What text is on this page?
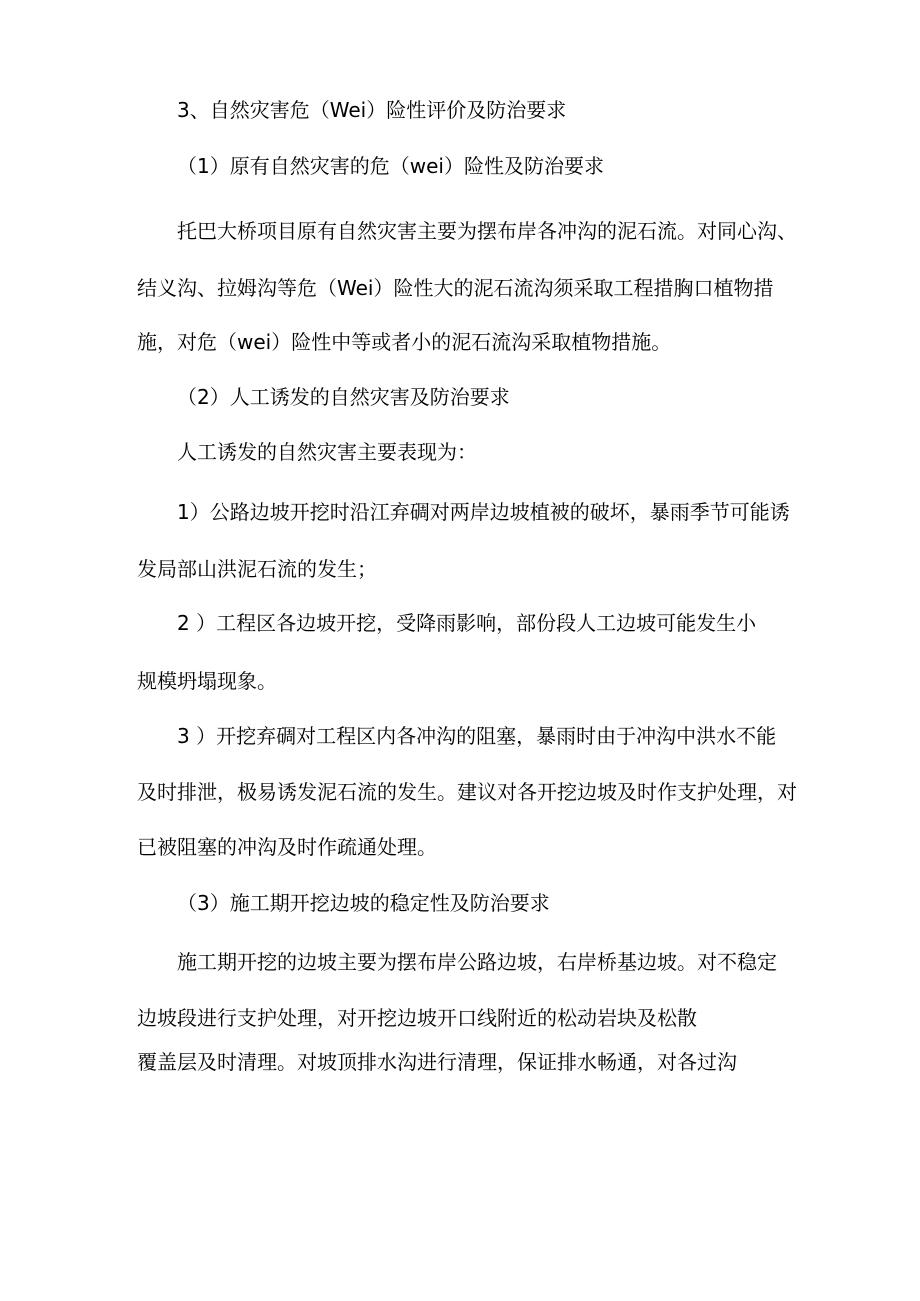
3、自然灾害危（Wei）险性评价及防治要求

（1）原有自然灾害的危（wei）险性及防治要求

托巴大桥项目原有自然灾害主要为摆布岸各冲沟的泥石流。对同心沟、

结义沟、拉姆沟等危（Wei）险性大的泥石流沟须采取工程措胸口植物措

施，对危（wei）险性中等或者小的泥石流沟采取植物措施。

（2）人工诱发的自然灾害及防治要求

人工诱发的自然灾害主要表现为：

1）公路边坡开挖时沿江弃碉对两岸边坡植被的破坏，暴雨季节可能诱

发局部山洪泥石流的发生；

2 ）工程区各边坡开挖，受降雨影响，部份段人工边坡可能发生小

规模坍塌现象。

3 ）开挖弃碉对工程区内各冲沟的阻塞，暴雨时由于冲沟中洪水不能

及时排泄，极易诱发泥石流的发生。建议对各开挖边坡及时作支护处理，对

已被阻塞的冲沟及时作疏通处理。

（3）施工期开挖边坡的稳定性及防治要求

施工期开挖的边坡主要为摆布岸公路边坡，右岸桥基边坡。对不稳定

边坡段进行支护处理，对开挖边坡开口线附近的松动岩块及松散

覆盖层及时清理。对坡顶排水沟进行清理，保证排水畅通，对各过沟
